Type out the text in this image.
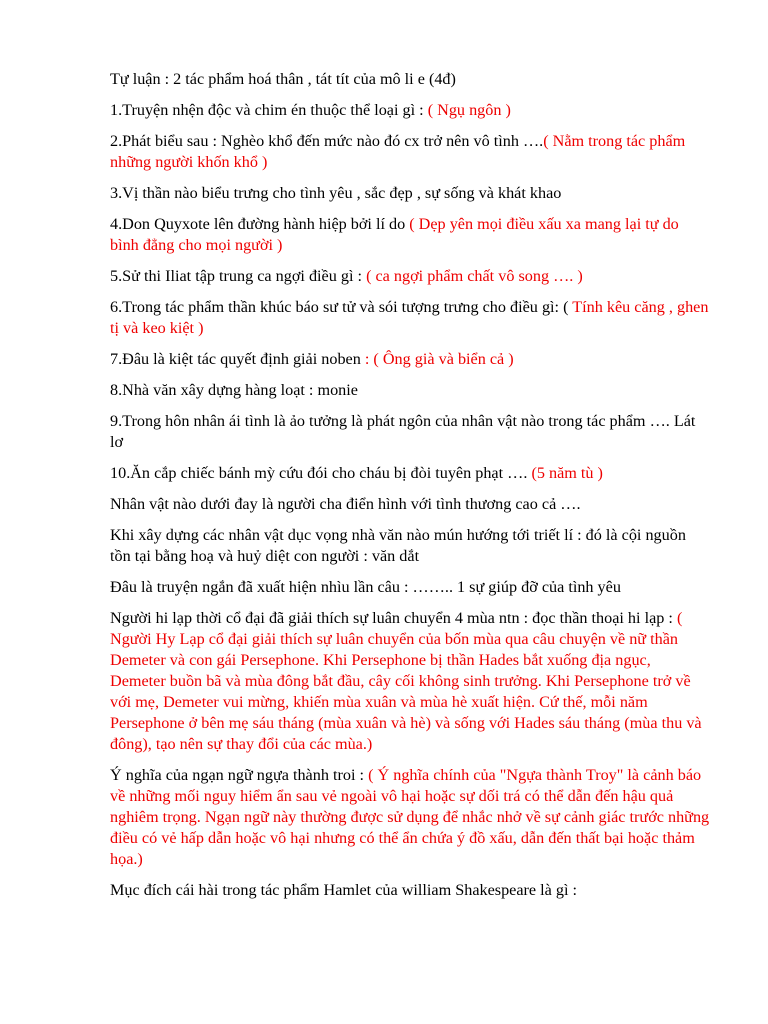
Tự luận : 2 tác phẩm hoá thân , tát tít của mô li e (4đ)

1.Truyện nhện độc và chim én thuộc thể loại gì : ( Ngụ ngôn )

2.Phát biểu sau : Nghèo khổ đến mức nào đó cx trở nên vô tình ….( Nằm trong tác phẩm những người khốn khổ )

3.Vị thần nào biểu trưng cho tình yêu , sắc đẹp , sự sống và khát khao

4.Don Quyxote lên đường hành hiệp bởi lí do ( Dẹp yên mọi điều xấu xa mang lại tự do bình đẳng cho mọi người )

5.Sử thi Iliat tập trung ca ngợi điều gì : ( ca ngợi phẩm chất vô song …. )

6.Trong tác phẩm thần khúc báo sư tử và sói tượng trưng cho điều gì: ( Tính kêu căng , ghen tị và keo kiệt )

7.Đâu là kiệt tác quyết định giải noben : ( Ông già và biển cả )

8.Nhà văn xây dựng hàng loạt : monie

9.Trong hôn nhân ái tình là ảo tưởng là phát ngôn của nhân vật nào trong tác phẩm …. Lát lơ

10.Ăn cắp chiếc bánh mỳ cứu đói cho cháu bị đòi tuyên phạt …. (5 năm tù )

Nhân vật nào dưới đay là người cha điển hình với tình thương cao cả ….

Khi xây dựng các nhân vật dục vọng nhà văn nào mún hướng tới triết lí : đó là cội nguồn tồn tại bằng hoạ và huỷ diệt con người : văn dắt

Đâu là truyện ngắn đã xuất hiện nhìu lần câu : …….. 1 sự giúp đỡ của tình yêu

Người hi lạp thời cổ đại đã giải thích sự luân chuyển 4 mùa ntn : đọc thần thoại hi lạp : ( Người Hy Lạp cổ đại giải thích sự luân chuyển của bốn mùa qua câu chuyện về nữ thần Demeter và con gái Persephone. Khi Persephone bị thần Hades bắt xuống địa ngục, Demeter buồn bã và mùa đông bắt đầu, cây cối không sinh trưởng. Khi Persephone trở về với mẹ, Demeter vui mừng, khiến mùa xuân và mùa hè xuất hiện. Cứ thế, mỗi năm Persephone ở bên mẹ sáu tháng (mùa xuân và hè) và sống với Hades sáu tháng (mùa thu và đông), tạo nên sự thay đổi của các mùa.)

Ý nghĩa của ngạn ngữ ngựa thành troi : ( Ý nghĩa chính của "Ngựa thành Troy" là cảnh báo về những mối nguy hiểm ẩn sau vẻ ngoài vô hại hoặc sự dối trá có thể dẫn đến hậu quả nghiêm trọng. Ngạn ngữ này thường được sử dụng để nhắc nhở về sự cảnh giác trước những điều có vẻ hấp dẫn hoặc vô hại nhưng có thể ẩn chứa ý đồ xấu, dẫn đến thất bại hoặc thảm họa.)

Mục đích cái hài trong tác phẩm Hamlet của william Shakespeare là gì :
